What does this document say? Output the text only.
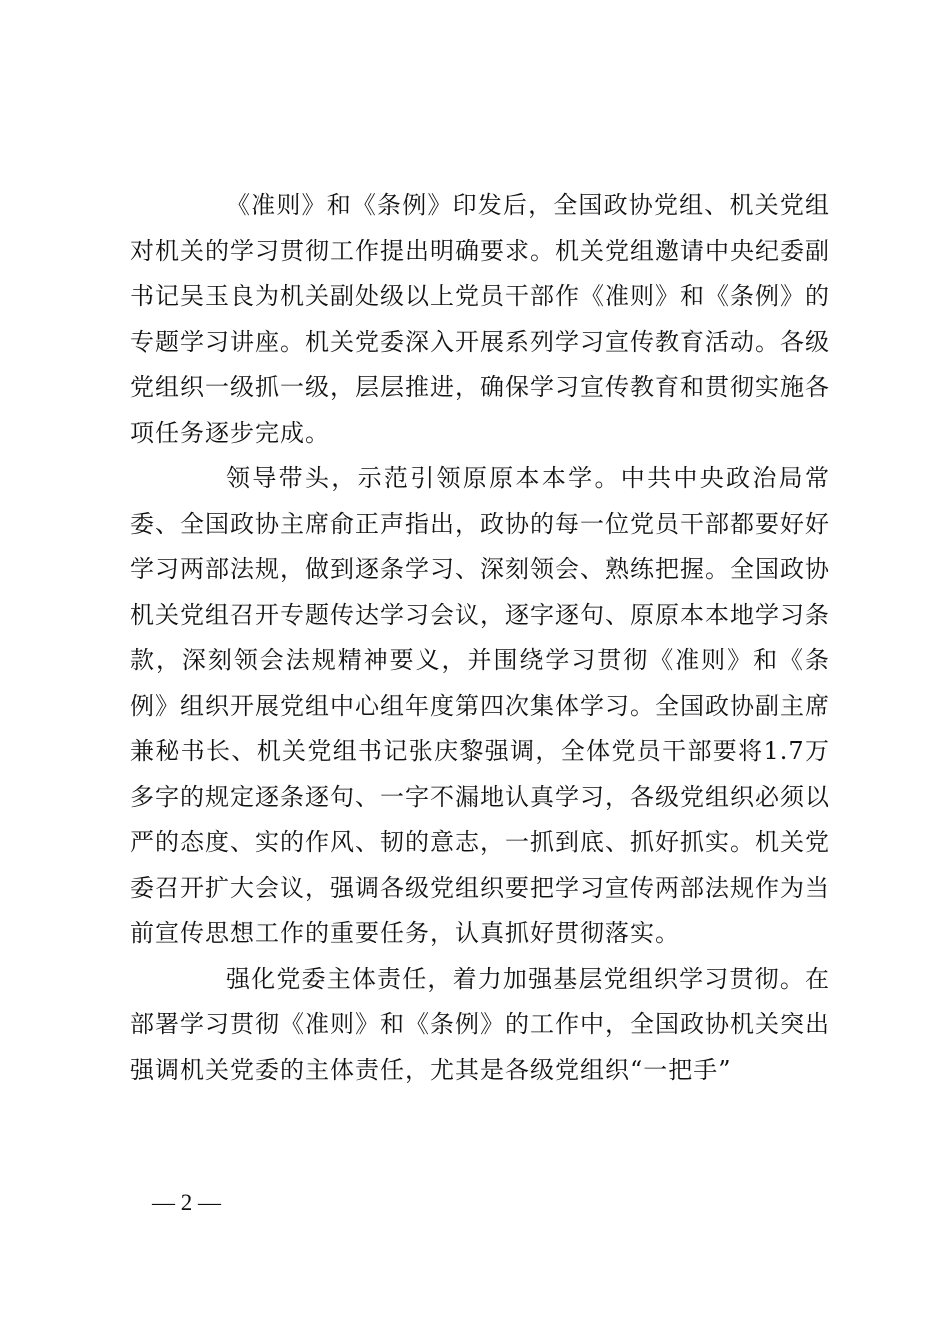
《准则》和《条例》印发后，全国政协党组、机关党组对机关的学习贯彻工作提出明确要求。机关党组邀请中央纪委副书记吴玉良为机关副处级以上党员干部作《准则》和《条例》的专题学习讲座。机关党委深入开展系列学习宣传教育活动。各级党组织一级抓一级，层层推进，确保学习宣传教育和贯彻实施各项任务逐步完成。

领导带头，示范引领原原本本学。中共中央政治局常委、全国政协主席俞正声指出，政协的每一位党员干部都要好好学习两部法规，做到逐条学习、深刻领会、熟练把握。全国政协机关党组召开专题传达学习会议，逐字逐句、原原本本地学习条款，深刻领会法规精神要义，并围绕学习贯彻《准则》和《条例》组织开展党组中心组年度第四次集体学习。全国政协副主席兼秘书长、机关党组书记张庆黎强调，全体党员干部要将1.7万多字的规定逐条逐句、一字不漏地认真学习，各级党组织必须以严的态度、实的作风、韧的意志，一抓到底、抓好抓实。机关党委召开扩大会议，强调各级党组织要把学习宣传两部法规作为当前宣传思想工作的重要任务，认真抓好贯彻落实。

强化党委主体责任，着力加强基层党组织学习贯彻。在部署学习贯彻《准则》和《条例》的工作中，全国政协机关突出强调机关党委的主体责任，尤其是各级党组织“一把手”

— 2 —
